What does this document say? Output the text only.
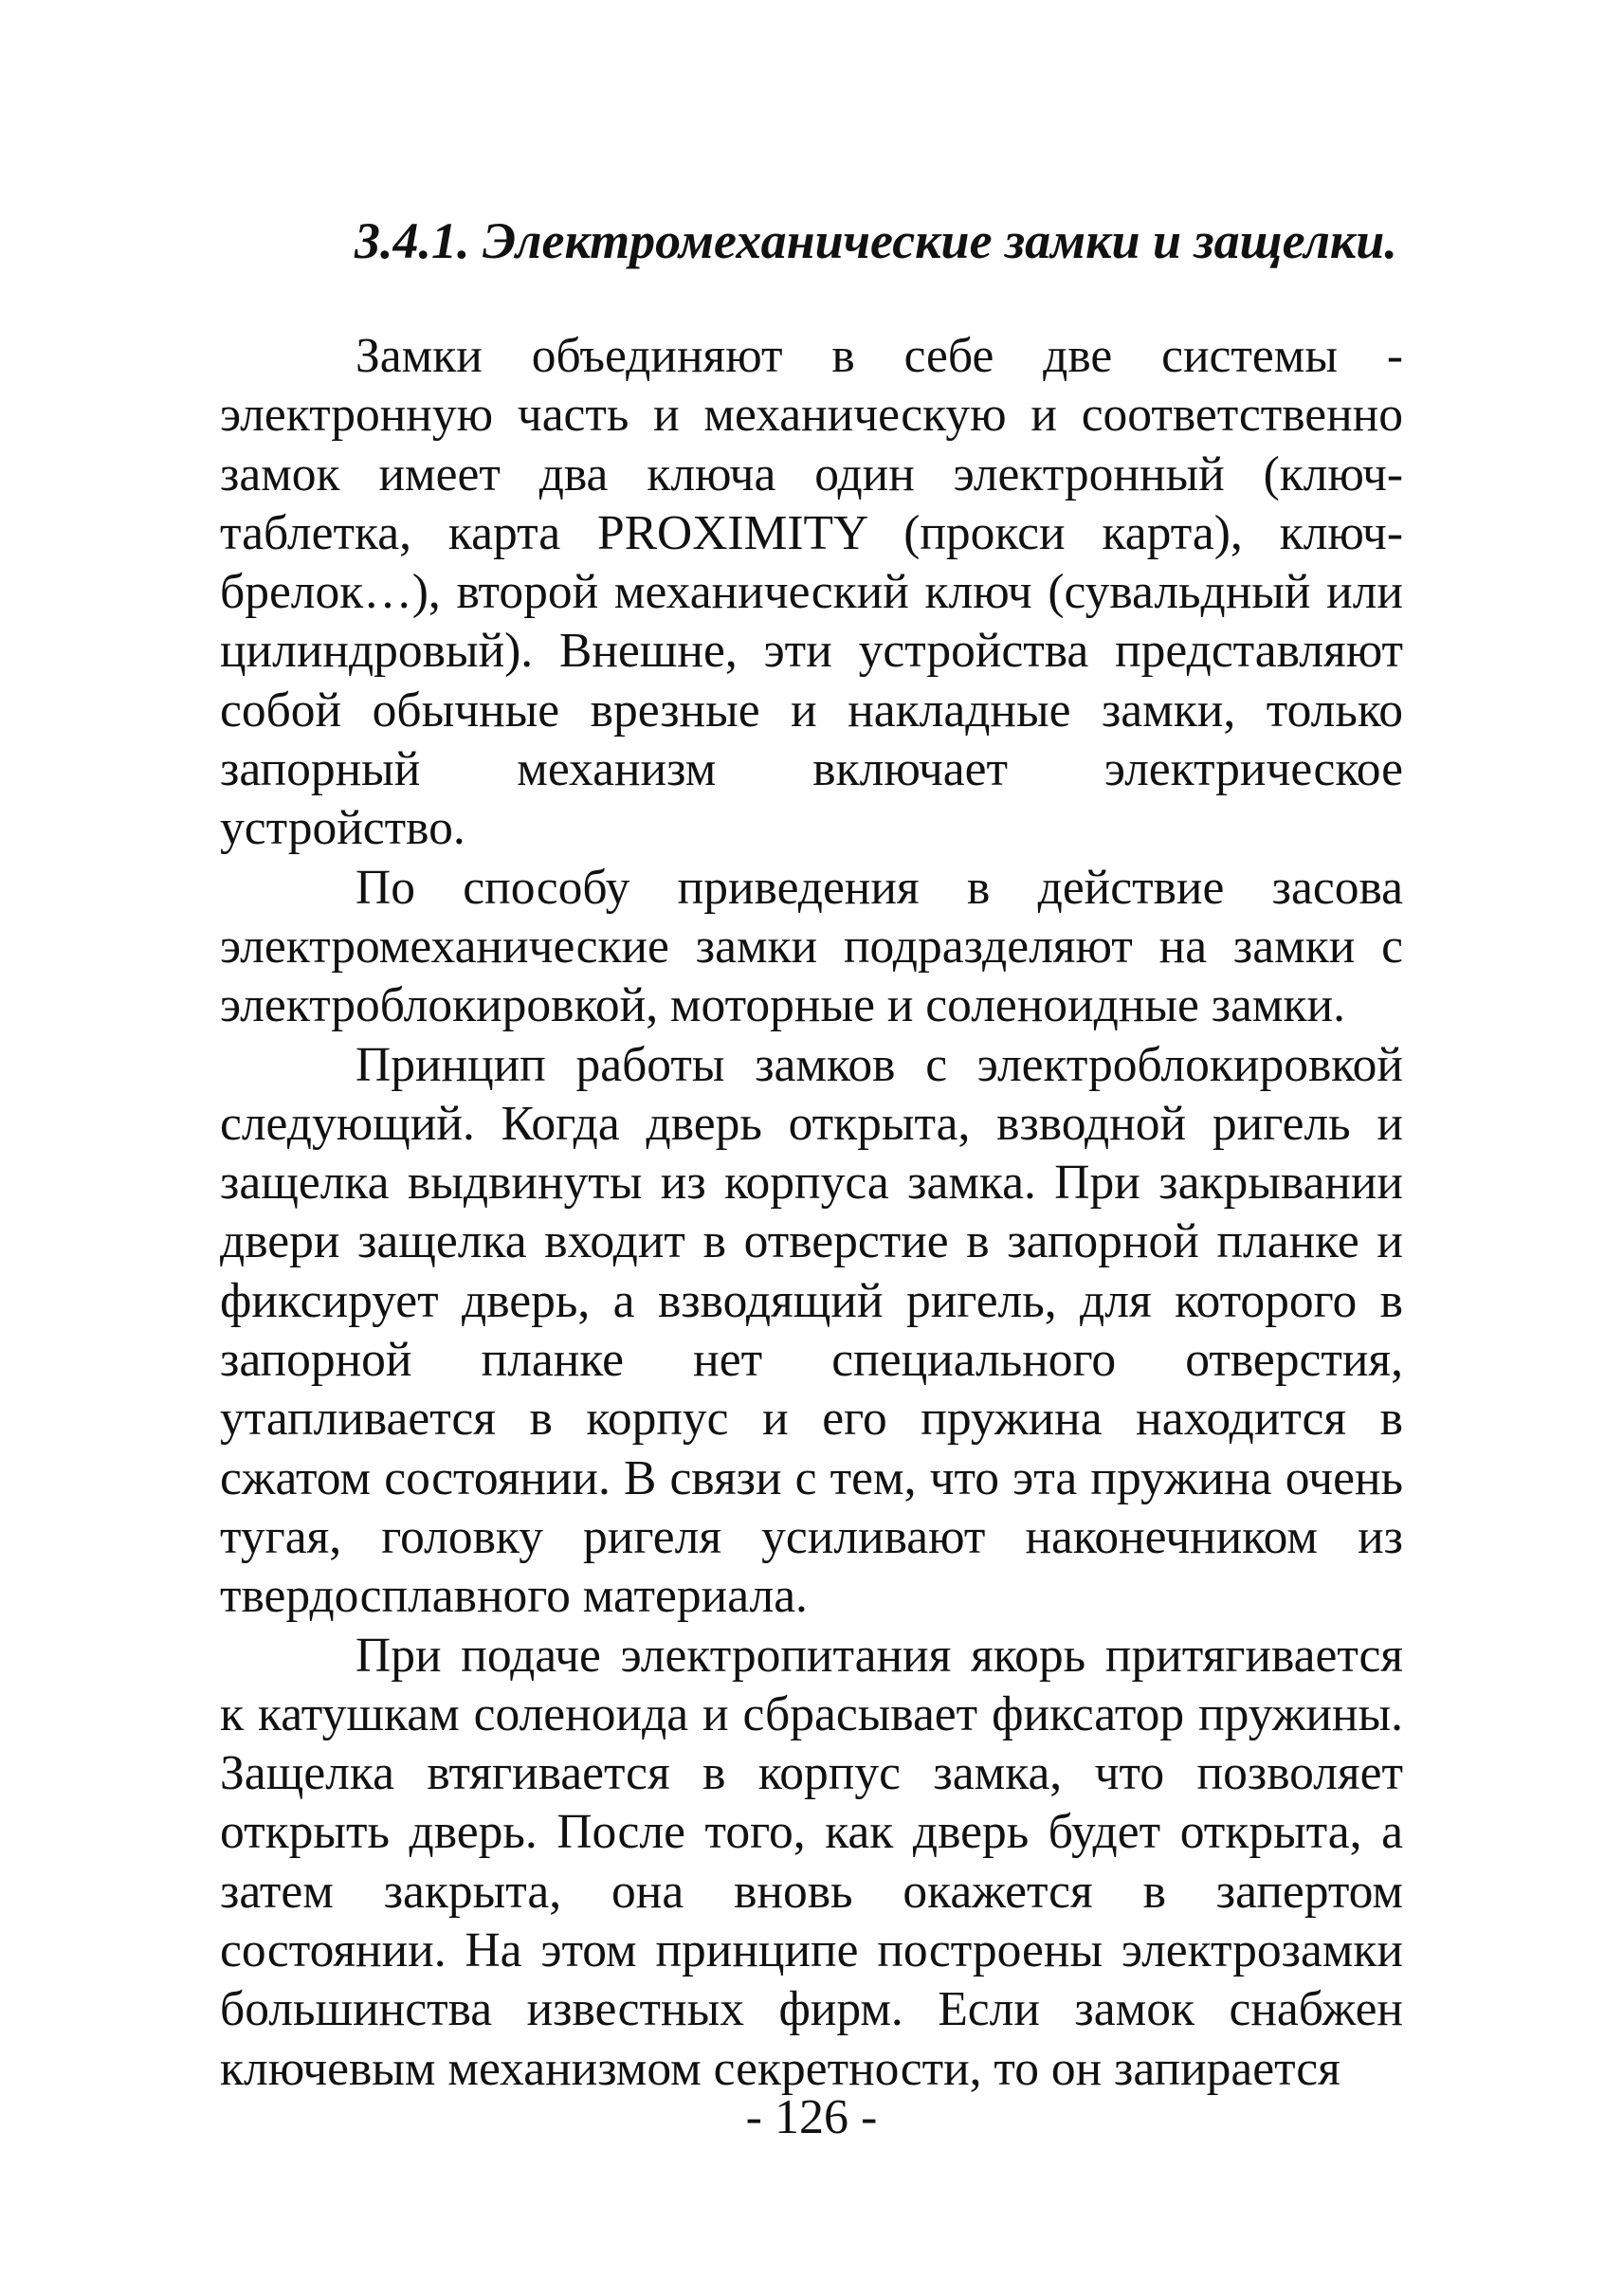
3.4.1. Электромеханические замки и защелки.

Замки объединяют в себе две системы - электронную часть и механическую и соответственно замок имеет два ключа один электронный (ключ-таблетка, карта PROXIMITY (прокси карта), ключ-брелок…), второй механический ключ (сувальдный или цилиндровый). Внешне, эти устройства представляют собой обычные врезные и накладные замки, только запорный механизм включает электрическое устройство.

По способу приведения в действие засова электромеханические замки подразделяют на замки с электроблокировкой, моторные и соленоидные замки.

Принцип работы замков с электроблокировкой следующий. Когда дверь открыта, взводной ригель и защелка выдвинуты из корпуса замка. При закрывании двери защелка входит в отверстие в запорной планке и фиксирует дверь, а взводящий ригель, для которого в запорной планке нет специального отверстия, утапливается в корпус и его пружина находится в сжатом состоянии. В связи с тем, что эта пружина очень тугая, головку ригеля усиливают наконечником из твердосплавного материала.

При подаче электропитания якорь притягивается к катушкам соленоида и сбрасывает фиксатор пружины. Защелка втягивается в корпус замка, что позволяет открыть дверь. После того, как дверь будет открыта, а затем закрыта, она вновь окажется в запертом состоянии. На этом принципе построены электрозамки большинства известных фирм. Если замок снабжен ключевым механизмом секретности, то он запирается

- 126 -
